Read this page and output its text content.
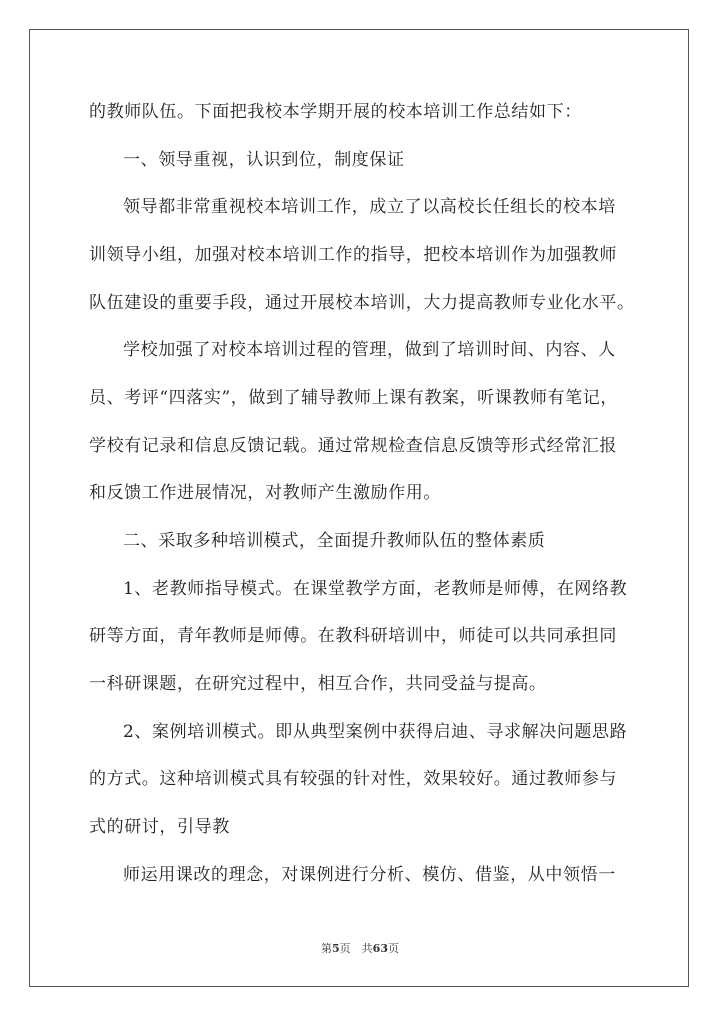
的教师队伍。下面把我校本学期开展的校本培训工作总结如下：
一、领导重视，认识到位，制度保证
领导都非常重视校本培训工作，成立了以高校长任组长的校本培
训领导小组，加强对校本培训工作的指导，把校本培训作为加强教师
队伍建设的重要手段，通过开展校本培训，大力提高教师专业化水平。
学校加强了对校本培训过程的管理，做到了培训时间、内容、人
员、考评“四落实”，做到了辅导教师上课有教案，听课教师有笔记，
学校有记录和信息反馈记载。通过常规检查信息反馈等形式经常汇报
和反馈工作进展情况，对教师产生激励作用。
二、采取多种培训模式，全面提升教师队伍的整体素质
1、老教师指导模式。在课堂教学方面，老教师是师傅，在网络教
研等方面，青年教师是师傅。在教科研培训中，师徒可以共同承担同
一科研课题，在研究过程中，相互合作，共同受益与提高。
2、案例培训模式。即从典型案例中获得启迪、寻求解决问题思路
的方式。这种培训模式具有较强的针对性，效果较好。通过教师参与
式的研讨，引导教
师运用课改的理念，对课例进行分析、模仿、借鉴，从中领悟一
第5页　共63页
